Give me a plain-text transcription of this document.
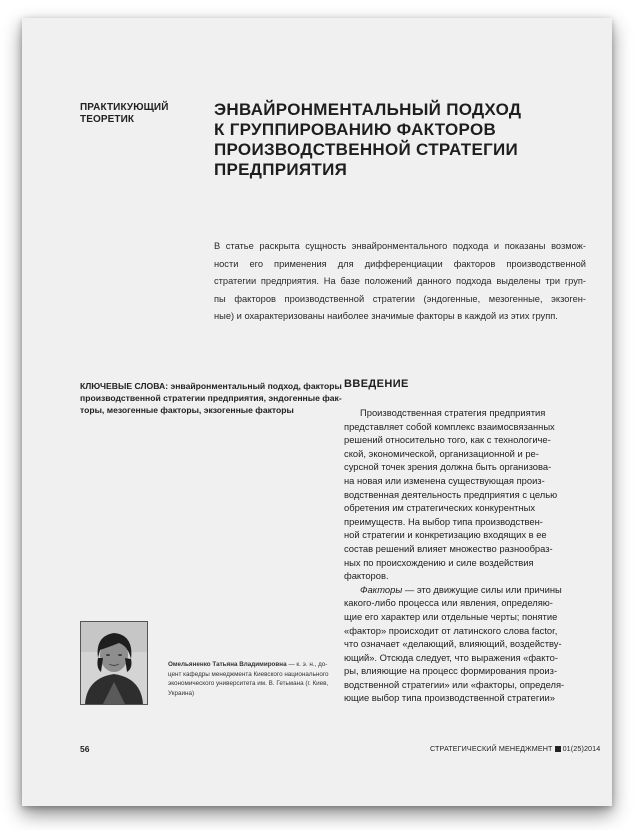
ПРАКТИКУЮЩИЙ
ТЕОРЕТИК
ЭНВАЙРОНМЕНТАЛЬНЫЙ ПОДХОД
К ГРУППИРОВАНИЮ ФАКТОРОВ
ПРОИЗВОДСТВЕННОЙ СТРАТЕГИИ
ПРЕДПРИЯТИЯ
В статье раскрыта сущность энвайронментального подхода и показаны возмож-
ности его применения для дифференциации факторов производственной
стратегии предприятия. На базе положений данного подхода выделены три груп-
пы факторов производственной стратегии (эндогенные, мезогенные, экзоген-
ные) и охарактеризованы наиболее значимые факторы в каждой из этих групп.
КЛЮЧЕВЫЕ СЛОВА: энвайронментальный подход, факторы
производственной стратегии предприятия, эндогенные фак-
торы, мезогенные факторы, экзогенные факторы
ВВЕДЕНИЕ
Производственная стратегия предприятия
представляет собой комплекс взаимосвязанных
решений относительно того, как с технологиче-
ской, экономической, организационной и ре-
сурсной точек зрения должна быть организова-
на новая или изменена существующая произ-
водственная деятельность предприятия с целью
обретения им стратегических конкурентных
преимуществ. На выбор типа производствен-
ной стратегии и конкретизацию входящих в ее
состав решений влияет множество разнообраз-
ных по происхождению и силе воздействия
факторов.
Факторы — это движущие силы или причины
какого-либо процесса или явления, определяю-
щие его характер или отдельные черты; понятие
«фактор» происходит от латинского слова factor,
что означает «делающий, влияющий, воздейству-
ющий». Отсюда следует, что выражения «факто-
ры, влияющие на процесс формирования произ-
водственной стратегии» или «факторы, определя-
ющие выбор типа производственной стратегии»
Омельяненко Татьяна Владимировна — к. э. н., до-
цент кафедры менеджмента Киевского национального
экономического университета им. В. Гетьмана (г. Киев,
Украина)
56	СТРАТЕГИЧЕСКИЙ МЕНЕДЖМЕНТ 01(25)2014
